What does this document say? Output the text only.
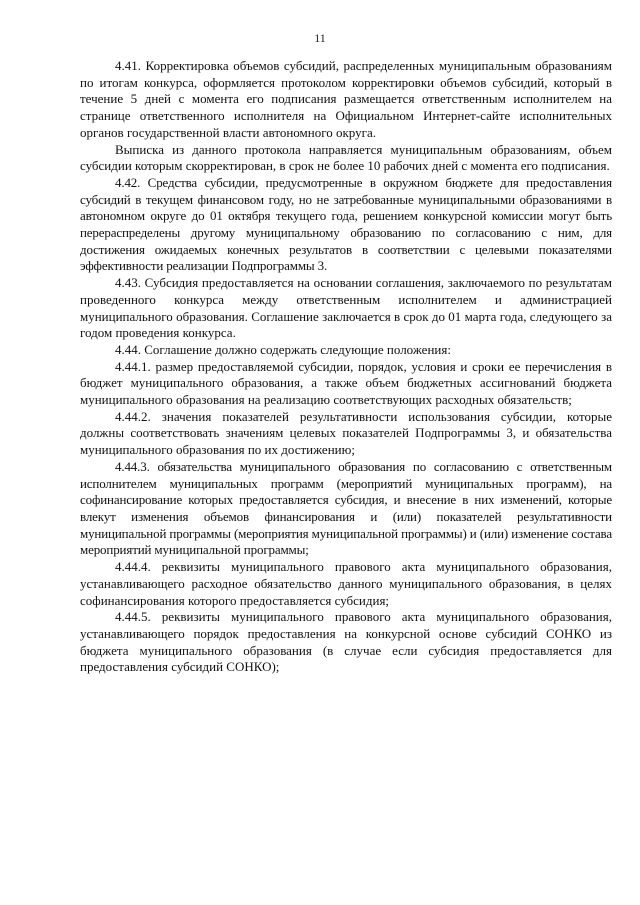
11

4.41. Корректировка объемов субсидий, распределенных муниципальным образованиям по итогам конкурса, оформляется протоколом корректировки объемов субсидий, который в течение 5 дней с момента его подписания размещается ответственным исполнителем на странице ответственного исполнителя на Официальном Интернет-сайте исполнительных органов государственной власти автономного округа.

Выписка из данного протокола направляется муниципальным образованиям, объем субсидии которым скорректирован, в срок не более 10 рабочих дней с момента его подписания.

4.42. Средства субсидии, предусмотренные в окружном бюджете для предоставления субсидий в текущем финансовом году, но не затребованные муниципальными образованиями в автономном округе до 01 октября текущего года, решением конкурсной комиссии могут быть перераспределены другому муниципальному образованию по согласованию с ним, для достижения ожидаемых конечных результатов в соответствии с целевыми показателями эффективности реализации Подпрограммы 3.

4.43. Субсидия предоставляется на основании соглашения, заключаемого по результатам проведенного конкурса между ответственным исполнителем и администрацией муниципального образования. Соглашение заключается в срок до 01 марта года, следующего за годом проведения конкурса.

4.44. Соглашение должно содержать следующие положения:

4.44.1. размер предоставляемой субсидии, порядок, условия и сроки ее перечисления в бюджет муниципального образования, а также объем бюджетных ассигнований бюджета муниципального образования на реализацию соответствующих расходных обязательств;

4.44.2. значения показателей результативности использования субсидии, которые должны соответствовать значениям целевых показателей Подпрограммы 3, и обязательства муниципального образования по их достижению;

4.44.3. обязательства муниципального образования по согласованию с ответственным исполнителем муниципальных программ (мероприятий муниципальных программ), на софинансирование которых предоставляется субсидия, и внесение в них изменений, которые влекут изменения объемов финансирования и (или) показателей результативности муниципальной программы (мероприятия муниципальной программы) и (или) изменение состава мероприятий муниципальной программы;

4.44.4. реквизиты муниципального правового акта муниципального образования, устанавливающего расходное обязательство данного муниципального образования, в целях софинансирования которого предоставляется субсидия;

4.44.5. реквизиты муниципального правового акта муниципального образования, устанавливающего порядок предоставления на конкурсной основе субсидий СОНКО из бюджета муниципального образования (в случае если субсидия предоставляется для предоставления субсидий СОНКО);
